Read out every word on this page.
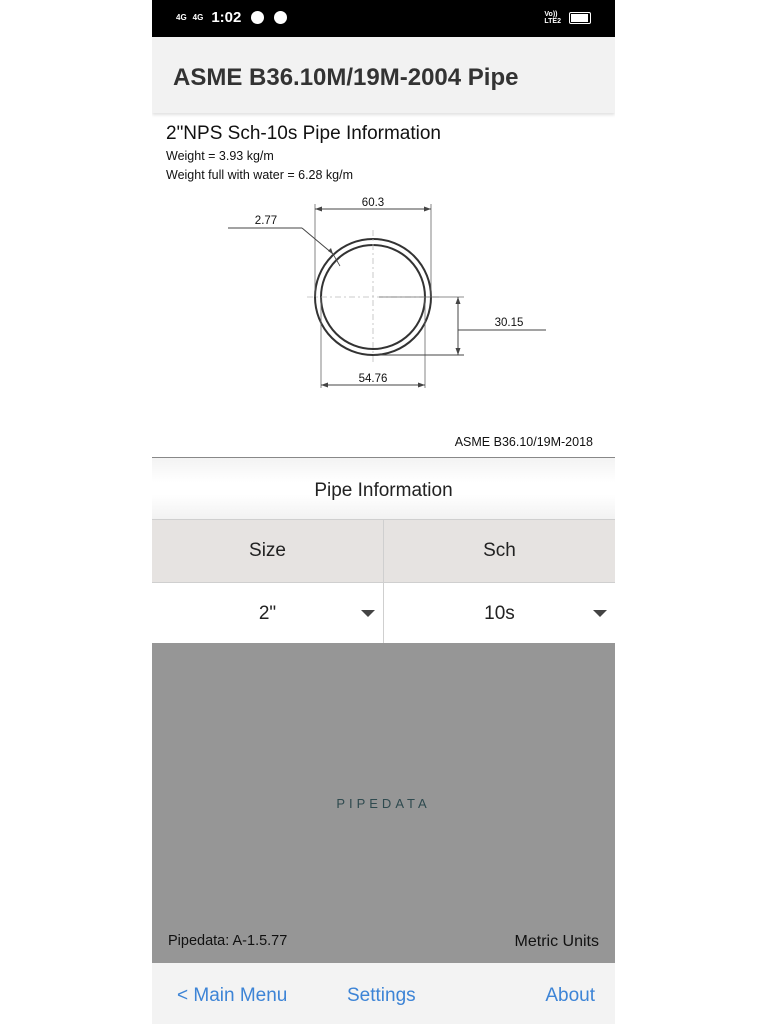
4G 4G 1:02	Vo))
LTE2
ASME B36.10M/19M-2004 Pipe
2"NPS Sch-10s Pipe Information
Weight = 3.93 kg/m
Weight full with water = 6.28 kg/m
60.3
54.76
2.77
30.15
ASME B36.10/19M-2018
Pipe Information
Size	Sch
2"	10s
PIPEDATA
Pipedata: A-1.5.77	Metric Units
< Main Menu	Settings	About
